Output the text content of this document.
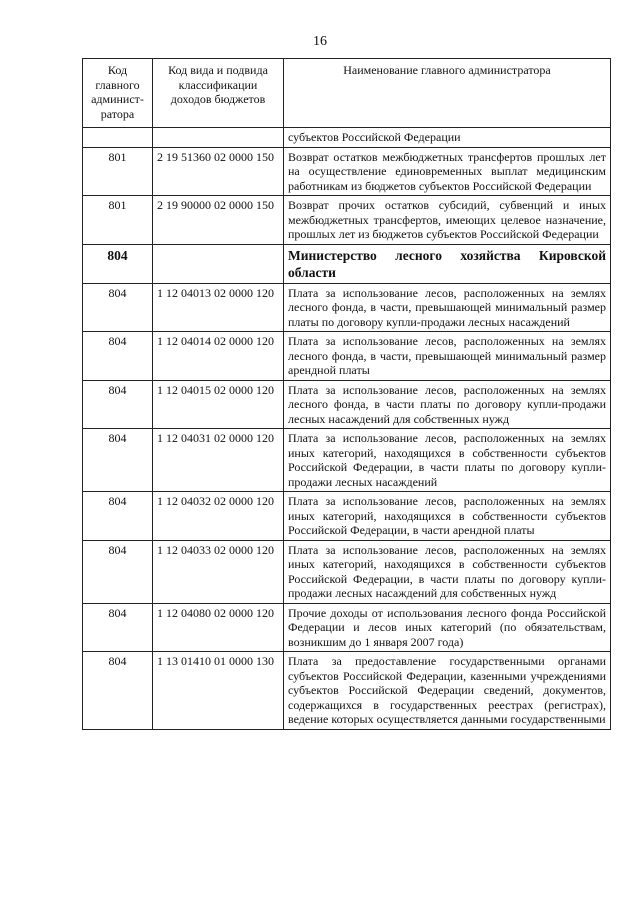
16
Код главного админист-ратора	Код вида и подвида классификации доходов бюджетов	Наименование главного администратора
		субъектов Российской Федерации
801	2 19 51360 02 0000 150	Возврат остатков межбюджетных трансфертов прошлых лет на осуществление единовременных выплат медицинским работникам из бюджетов субъектов Российской Федерации
801	2 19 90000 02 0000 150	Возврат прочих остатков субсидий, субвенций и иных межбюджетных трансфертов, имеющих целевое назначение, прошлых лет из бюджетов субъектов Российской Федерации
804		Министерство лесного хозяйства Кировской области
804	1 12 04013 02 0000 120	Плата за использование лесов, расположенных на землях лесного фонда, в части, превышающей минимальный размер платы по договору купли-продажи лесных насаждений
804	1 12 04014 02 0000 120	Плата за использование лесов, расположенных на землях лесного фонда, в части, превышающей минимальный размер арендной платы
804	1 12 04015 02 0000 120	Плата за использование лесов, расположенных на землях лесного фонда, в части платы по договору купли-продажи лесных насаждений для собственных нужд
804	1 12 04031 02 0000 120	Плата за использование лесов, расположенных на землях иных категорий, находящихся в собственности субъектов Российской Федерации, в части платы по договору купли-продажи лесных насаждений
804	1 12 04032 02 0000 120	Плата за использование лесов, расположенных на землях иных категорий, находящихся в собственности субъектов Российской Федерации, в части арендной платы
804	1 12 04033 02 0000 120	Плата за использование лесов, расположенных на землях иных категорий, находящихся в собственности субъектов Российской Федерации, в части платы по договору купли-продажи лесных насаждений для собственных нужд
804	1 12 04080 02 0000 120	Прочие доходы от использования лесного фонда Российской Федерации и лесов иных категорий (по обязательствам, возникшим до 1 января 2007 года)
804	1 13 01410 01 0000 130	Плата за предоставление государственными органами субъектов Российской Федерации, казенными учреждениями субъектов Российской Федерации сведений, документов, содержащихся в государственных реестрах (регистрах), ведение которых осуществляется данными государственными
